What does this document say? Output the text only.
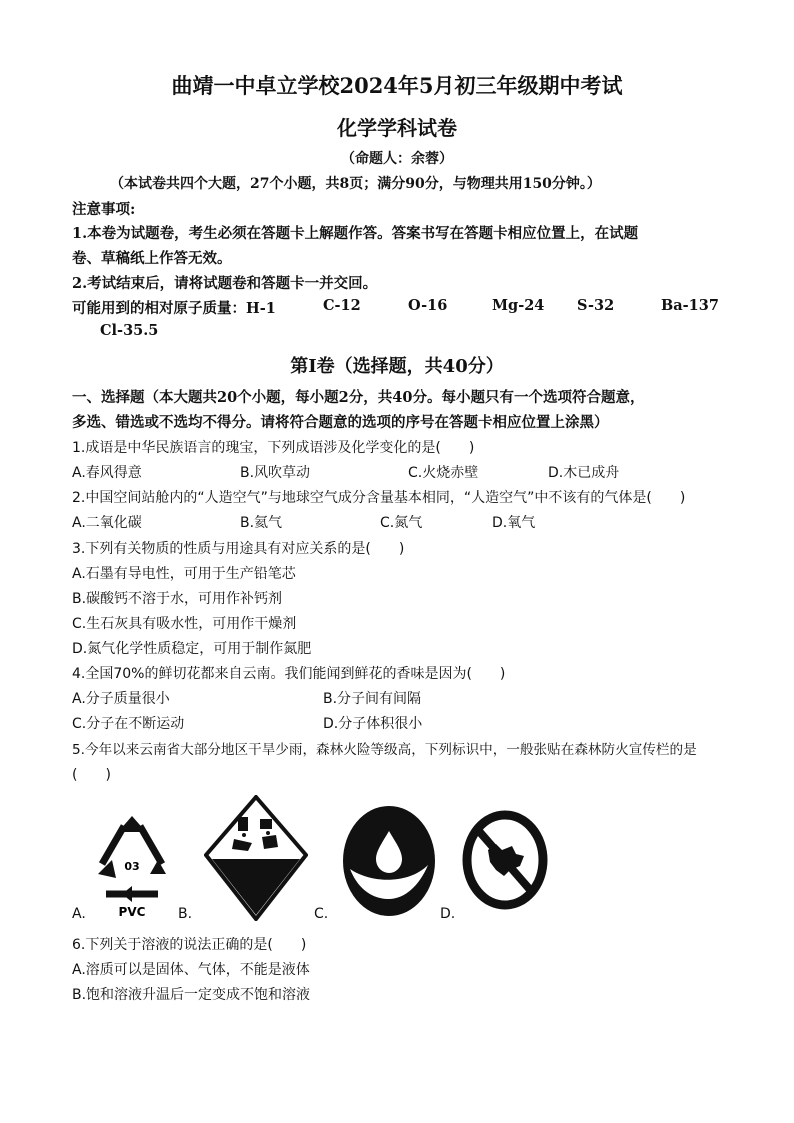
曲靖一中卓立学校2024年5月初三年级期中考试
化学学科试卷
（命题人：余蓉）
（本试卷共四个大题，27个小题，共8页；满分90分，与物理共用150分钟。）
注意事项:
1.本卷为试题卷，考生必须在答题卡上解题作答。答案书写在答题卡相应位置上，在试题
卷、草稿纸上作答无效。
2.考试结束后，请将试题卷和答题卡一并交回。
可能用到的相对原子质量：H-1	C-12	O-16	Mg-24 S-32	Ba-137
Cl-35.5
第I卷（选择题，共40分）
一、选择题（本大题共20个小题，每小题2分，共40分。每小题只有一个选项符合题意，
多选、错选或不选均不得分。请将符合题意的选项的序号在答题卡相应位置上涂黑）
1.成语是中华民族语言的瑰宝，下列成语涉及化学变化的是(　　)
A.春风得意	B.风吹草动	C.火烧赤壁	D.木已成舟
2.中国空间站舱内的“人造空气”与地球空气成分含量基本相同，“人造空气”中不该有的气体是(　　)
A.二氧化碳	B.氦气	C.氮气	D.氧气
3.下列有关物质的性质与用途具有对应关系的是(　　)
A.石墨有导电性，可用于生产铅笔芯
B.碳酸钙不溶于水，可用作补钙剂
C.生石灰具有吸水性，可用作干燥剂
D.氮气化学性质稳定，可用于制作氮肥
4.全国70%的鲜切花都来自云南。我们能闻到鲜花的香味是因为(　　)
A.分子质量很小	B.分子间有间隔
C.分子在不断运动	D.分子体积很小
5.今年以来云南省大部分地区干旱少雨，森林火险等级高，下列标识中，一般张贴在森林防火宣传栏的是
(　　)
03
PVC
A.	B.	C.	D.
6.下列关于溶液的说法正确的是(　　)
A.溶质可以是固体、气体，不能是液体
B.饱和溶液升温后一定变成不饱和溶液
